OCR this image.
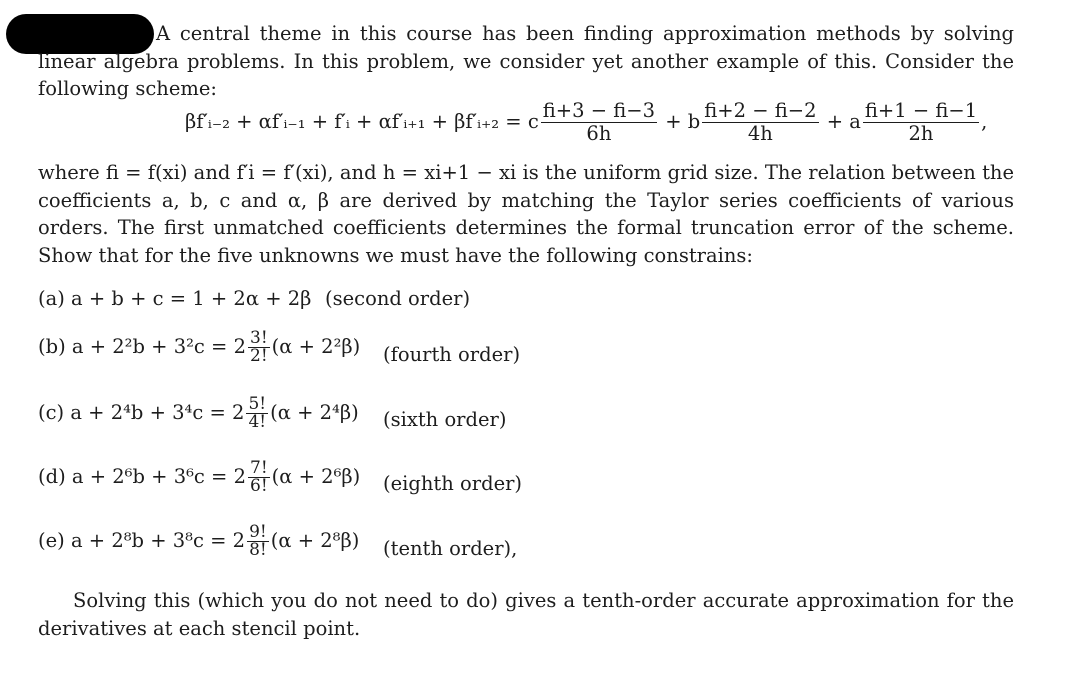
A central theme in this course has been finding approximation methods by solving linear algebra problems. In this problem, we consider yet another example of this. Consider the following scheme:

βf′ᵢ₋₂ + αf′ᵢ₋₁ + f′ᵢ + αf′ᵢ₊₁ + βf′ᵢ₊₂ = c $\frac{fi+3 - fi-3}{6h} + b \frac{fi+2 - fi-2}{4h} + a \frac{fi+1 - fi-1}{2h}$ ,

where fi = f(xi) and f′i = f′(xi), and h = xi+1 − xi is the uniform grid size. The relation between the coefficients a, b, c and α, β are derived by matching the Taylor series coefficients of various orders. The first unmatched coefficients determines the formal truncation error of the scheme. Show that for the five unknowns we must have the following constrains:

(a) a + b + c = 1 + 2α + 2β (second order)
(b) $a + 2^2b + 3^2c = 2 \frac{3!}{2!} (\alpha + 2^2\beta)$ (fourth order)
(c) $a + 2^4b + 3^4c = 2 \frac{5!}{4!} (\alpha + 2^4\beta)$ (sixth order)
(d) $a + 2^6b + 3^6c = 2 \frac{7!}{6!} (\alpha + 2^6\beta)$ (eighth order)
(e) $a + 2^8b + 3^8c = 2 \frac{9!}{8!} (\alpha + 2^8\beta)$ (tenth order),

Solving this (which you do not need to do) gives a tenth-order accurate approximation for the derivatives at each stencil point.
